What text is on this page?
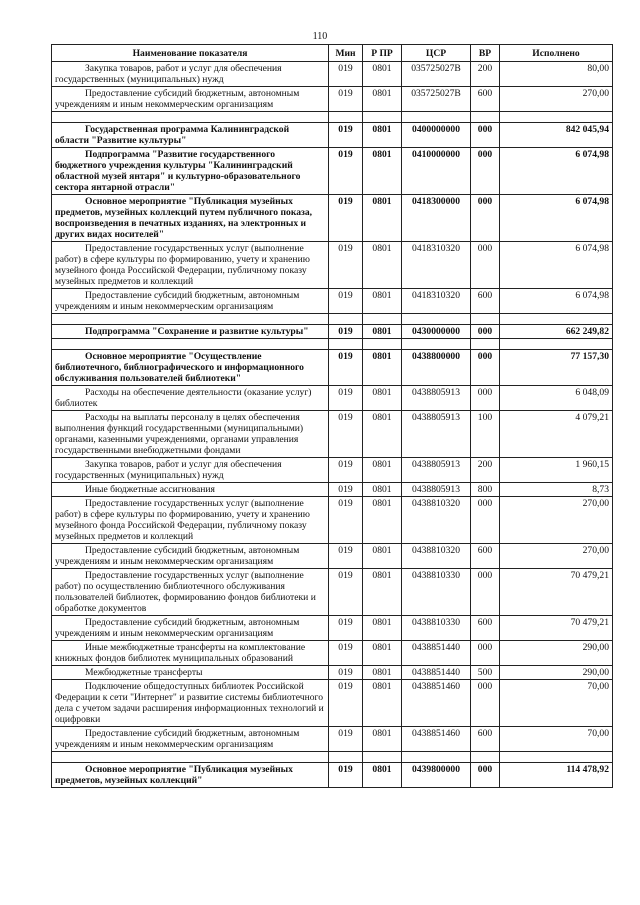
110
Наименование показателя	Мин	Р ПР	ЦСР	ВР	Исполнено
Закупка товаров, работ и услуг для обеспечения государственных (муниципальных) нужд	019	0801	035725027В	200	80,00
Предоставление субсидий бюджетным, автономным учреждениям и иным некоммерческим организациям	019	0801	035725027В	600	270,00

Государственная программа Калининградской области "Развитие культуры"	019	0801	0400000000	000	842 045,94
Подпрограмма "Развитие государственного бюджетного учреждения культуры "Калининградский областной музей янтаря" и культурно-образовательного сектора янтарной отрасли"	019	0801	0410000000	000	6 074,98
Основное мероприятие "Публикация музейных предметов, музейных коллекций путем публичного показа, воспроизведения в печатных изданиях, на электронных и других видах носителей"	019	0801	0418300000	000	6 074,98
Предоставление государственных услуг (выполнение работ) в сфере культуры по формированию, учету и хранению музейного фонда Российской Федерации, публичному показу музейных предметов и коллекций	019	0801	0418310320	000	6 074,98
Предоставление субсидий бюджетным, автономным учреждениям и иным некоммерческим организациям	019	0801	0418310320	600	6 074,98

Подпрограмма "Сохранение и развитие культуры"	019	0801	0430000000	000	662 249,82

Основное мероприятие "Осуществление библиотечного, библиографического и информационного обслуживания пользователей библиотеки"	019	0801	0438800000	000	77 157,30
Расходы на обеспечение деятельности (оказание услуг) библиотек	019	0801	0438805913	000	6 048,09
Расходы на выплаты персоналу в целях обеспечения выполнения функций государственными (муниципальными) органами, казенными учреждениями, органами управления государственными внебюджетными фондами	019	0801	0438805913	100	4 079,21
Закупка товаров, работ и услуг для обеспечения государственных (муниципальных) нужд	019	0801	0438805913	200	1 960,15
Иные бюджетные ассигнования	019	0801	0438805913	800	8,73
Предоставление государственных услуг (выполнение работ) в сфере культуры по формированию, учету и хранению музейного фонда Российской Федерации, публичному показу музейных предметов и коллекций	019	0801	0438810320	000	270,00
Предоставление субсидий бюджетным, автономным учреждениям и иным некоммерческим организациям	019	0801	0438810320	600	270,00
Предоставление государственных услуг (выполнение работ) по осуществлению библиотечного обслуживания пользователей библиотек, формированию фондов библиотеки и обработке документов	019	0801	0438810330	000	70 479,21
Предоставление субсидий бюджетным, автономным учреждениям и иным некоммерческим организациям	019	0801	0438810330	600	70 479,21
Иные межбюджетные трансферты на комплектование книжных фондов библиотек муниципальных образований	019	0801	0438851440	000	290,00
Межбюджетные трансферты	019	0801	0438851440	500	290,00
Подключение общедоступных библиотек Российской Федерации к сети "Интернет" и развитие системы библиотечного дела с учетом задачи расширения информационных технологий и оцифровки	019	0801	0438851460	000	70,00
Предоставление субсидий бюджетным, автономным учреждениям и иным некоммерческим организациям	019	0801	0438851460	600	70,00

Основное мероприятие "Публикация музейных предметов, музейных коллекций"	019	0801	0439800000	000	114 478,92
